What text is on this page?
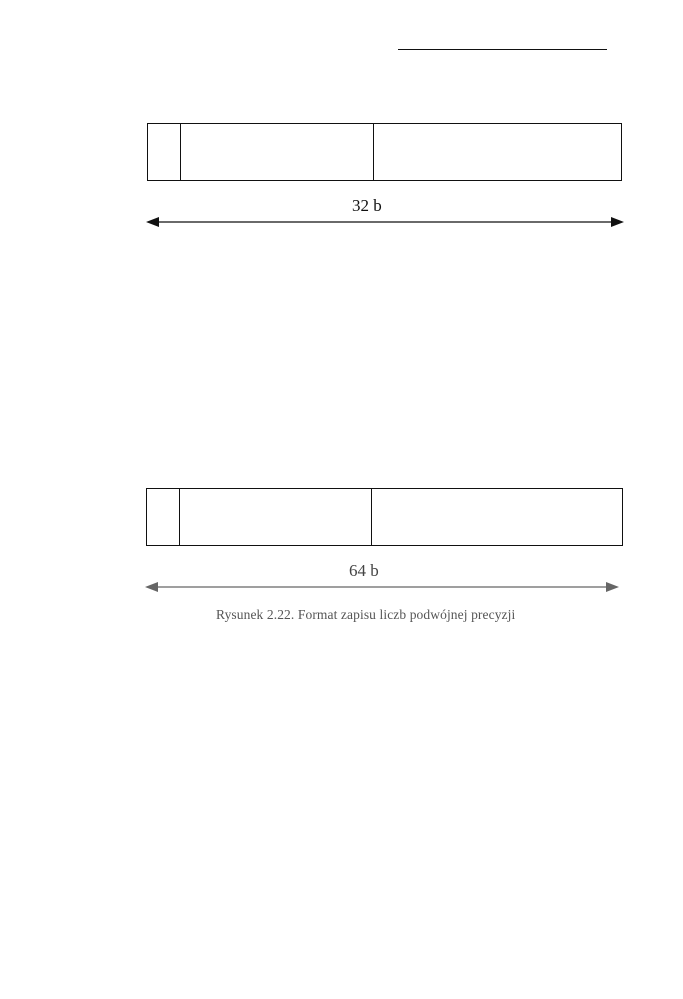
32 b
64 b
Rysunek 2.22. Format zapisu liczb podwójnej precyzji
